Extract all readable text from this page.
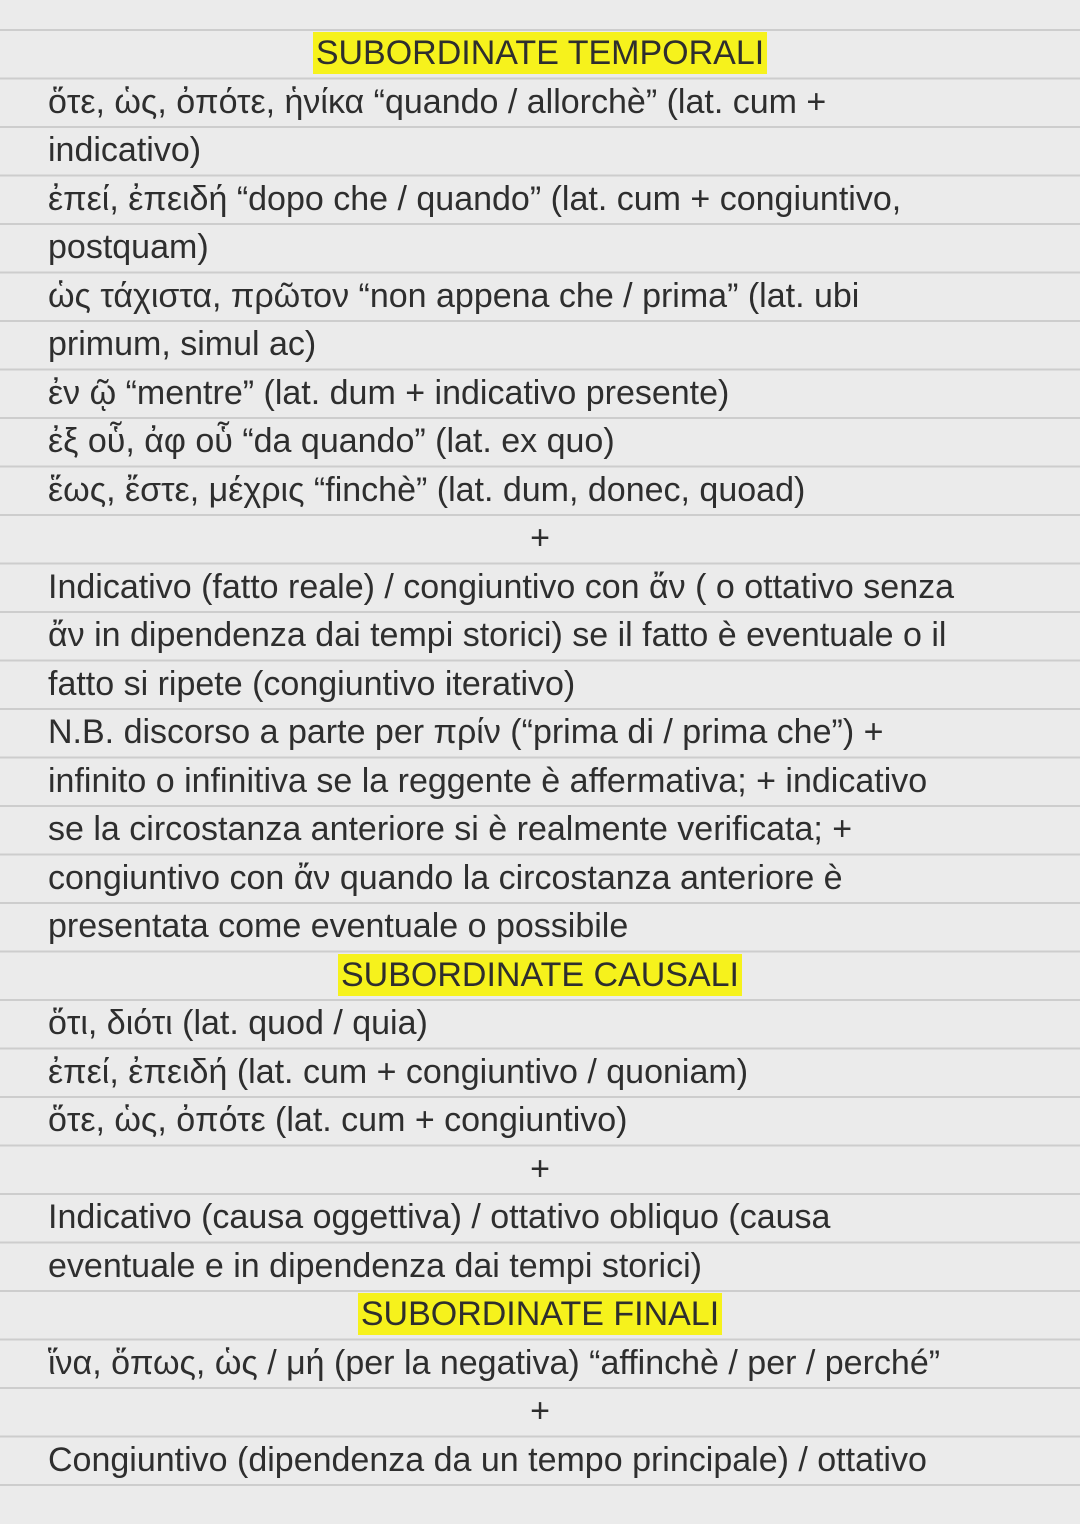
SUBORDINATE TEMPORALI
ὅτε, ὡς, ὀπότε, ἡνίκα “quando / allorchè” (lat. cum +
indicativo)
ἐπεί, ἐπειδή “dopo che / quando” (lat. cum + congiuntivo,
postquam)
ὡς τάχιστα, πρῶτον “non appena che / prima” (lat. ubi
primum, simul ac)
ἐν ῷ “mentre” (lat. dum + indicativo presente)
ἐξ οὗ, ἀφ οὗ “da quando” (lat. ex quo)
ἕως, ἔστε, μέχρις “finchè” (lat. dum, donec, quoad)
+
Indicativo (fatto reale) / congiuntivo con ἄν ( o ottativo senza
ἄν in dipendenza dai tempi storici) se il fatto è eventuale o il
fatto si ripete (congiuntivo iterativo)
N.B. discorso a parte per πρίν (“prima di / prima che”) +
infinito o infinitiva se la reggente è affermativa; + indicativo
se la circostanza anteriore si è realmente verificata; +
congiuntivo con ἄν quando la circostanza anteriore è
presentata come eventuale o possibile
SUBORDINATE CAUSALI
ὅτι, διότι (lat. quod / quia)
ἐπεί, ἐπειδή (lat. cum + congiuntivo / quoniam)
ὅτε, ὡς, ὀπότε (lat. cum + congiuntivo)
+
Indicativo (causa oggettiva) / ottativo obliquo (causa
eventuale e in dipendenza dai tempi storici)
SUBORDINATE FINALI
ἵνα, ὅπως, ὡς / μή (per la negativa) “affinchè / per / perché”
+
Congiuntivo (dipendenza da un tempo principale) / ottativo
